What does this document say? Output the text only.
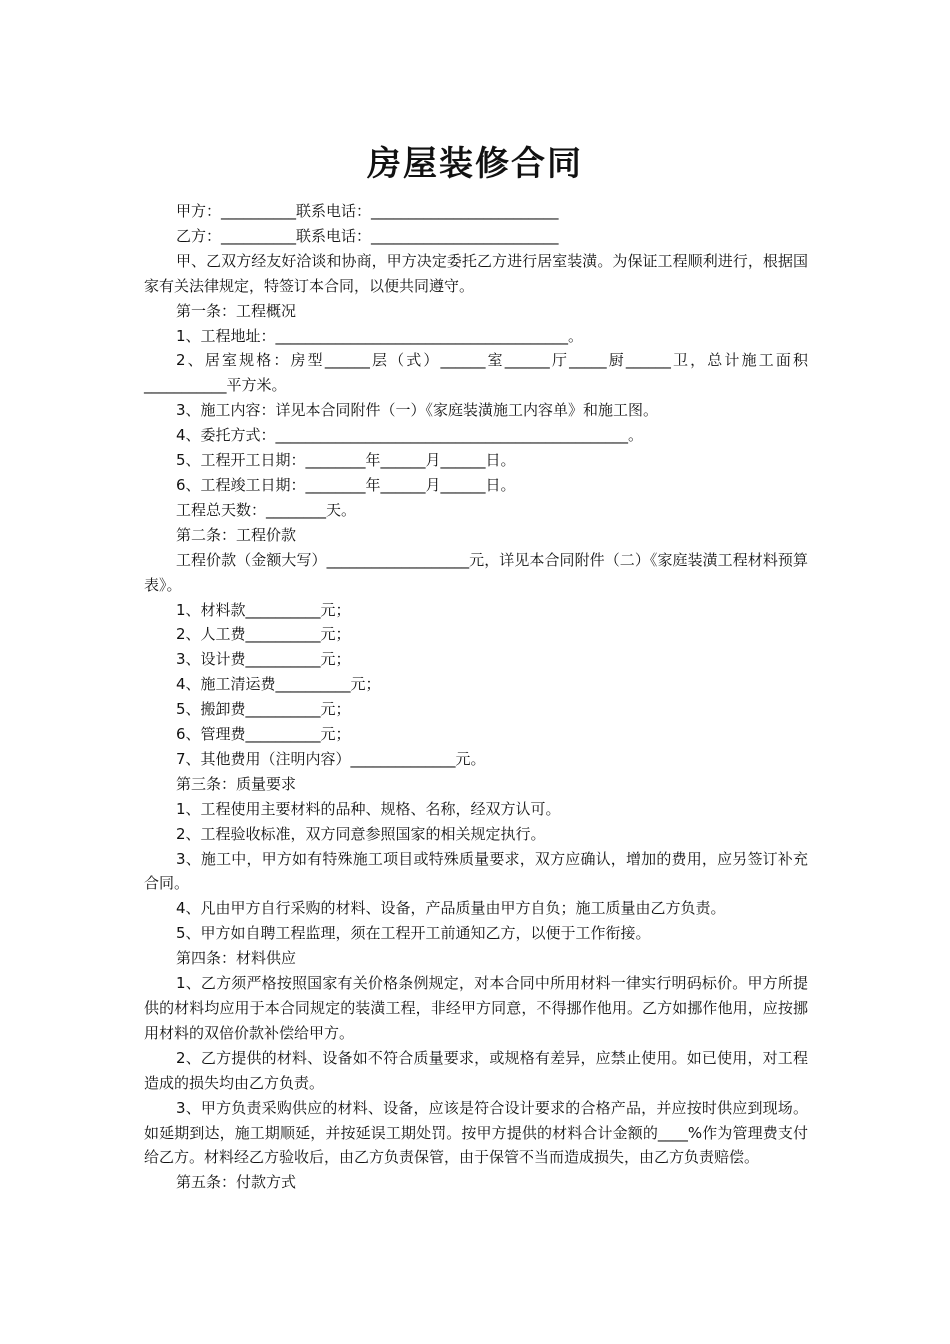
房屋装修合同

甲方：__________联系电话：_________________________

乙方：__________联系电话：_________________________

甲、乙双方经友好洽谈和协商，甲方决定委托乙方进行居室装潢。为保证工程顺利进行，根据国家有关法律规定，特签订本合同，以便共同遵守。

第一条：工程概况

1、工程地址：_______________________________________。

2、居室规格：房型______层（式）______室______厅_____厨______卫，总计施工面积___________平方米。

3、施工内容：详见本合同附件（一）《家庭装潢施工内容单》和施工图。

4、委托方式：_______________________________________________。

5、工程开工日期：________年______月______日。

6、工程竣工日期：________年______月______日。

工程总天数：________天。

第二条：工程价款

工程价款（金额大写）___________________元，详见本合同附件（二）《家庭装潢工程材料预算表》。

1、材料款__________元；

2、人工费__________元；

3、设计费__________元；

4、施工清运费__________元；

5、搬卸费__________元；

6、管理费__________元；

7、其他费用（注明内容）______________元。

第三条：质量要求

1、工程使用主要材料的品种、规格、名称，经双方认可。

2、工程验收标准，双方同意参照国家的相关规定执行。

3、施工中，甲方如有特殊施工项目或特殊质量要求，双方应确认，增加的费用，应另签订补充合同。

4、凡由甲方自行采购的材料、设备，产品质量由甲方自负；施工质量由乙方负责。

5、甲方如自聘工程监理，须在工程开工前通知乙方，以便于工作衔接。

第四条：材料供应

1、乙方须严格按照国家有关价格条例规定，对本合同中所用材料一律实行明码标价。甲方所提供的材料均应用于本合同规定的装潢工程，非经甲方同意，不得挪作他用。乙方如挪作他用，应按挪用材料的双倍价款补偿给甲方。

2、乙方提供的材料、设备如不符合质量要求，或规格有差异，应禁止使用。如已使用，对工程造成的损失均由乙方负责。

3、甲方负责采购供应的材料、设备，应该是符合设计要求的合格产品，并应按时供应到现场。如延期到达，施工期顺延，并按延误工期处罚。按甲方提供的材料合计金额的____%作为管理费支付给乙方。材料经乙方验收后，由乙方负责保管，由于保管不当而造成损失，由乙方负责赔偿。

第五条：付款方式
